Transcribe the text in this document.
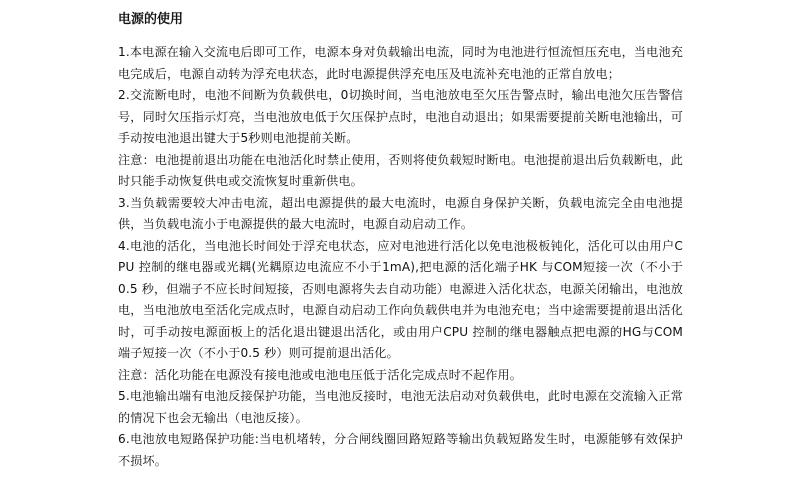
电源的使用

1.本电源在输入交流电后即可工作，电源本身对负载输出电流，同时为电池进行恒流恒压充电，当电池充电完成后，电源自动转为浮充电状态，此时电源提供浮充电压及电流补充电池的正常自放电；

2.交流断电时，电池不间断为负载供电，0切换时间，当电池放电至欠压告警点时，输出电池欠压告警信号，同时欠压指示灯亮，当电池放电低于欠压保护点时，电池自动退出；如果需要提前关断电池输出，可手动按电池退出键大于5秒则电池提前关断。

注意：电池提前退出功能在电池活化时禁止使用，否则将使负载短时断电。电池提前退出后负载断电，此时只能手动恢复供电或交流恢复时重新供电。

3.当负载需要较大冲击电流，超出电源提供的最大电流时，电源自身保护关断，负载电流完全由电池提供，当负载电流小于电源提供的最大电流时，电源自动启动工作。

4.电池的活化，当电池长时间处于浮充电状态，应对电池进行活化以免电池极板钝化，活化可以由用户CPU 控制的继电器或光耦(光耦原边电流应不小于1mA),把电源的活化端子HK 与COM短接一次（不小于0.5 秒，但端子不应长时间短接，否则电源将失去自动功能）电源进入活化状态，电源关闭输出，电池放电，当电池放电至活化完成点时，电源自动启动工作向负载供电并为电池充电；当中途需要提前退出活化时，可手动按电源面板上的活化退出键退出活化，或由用户CPU 控制的继电器触点把电源的HG与COM端子短接一次（不小于0.5 秒）则可提前退出活化。

注意：活化功能在电源没有接电池或电池电压低于活化完成点时不起作用。

5.电池输出端有电池反接保护功能，当电池反接时，电池无法启动对负载供电，此时电源在交流输入正常的情况下也会无输出（电池反接）。

6.电池放电短路保护功能:当电机堵转，分合闸线圈回路短路等输出负载短路发生时，电源能够有效保护不损坏。
